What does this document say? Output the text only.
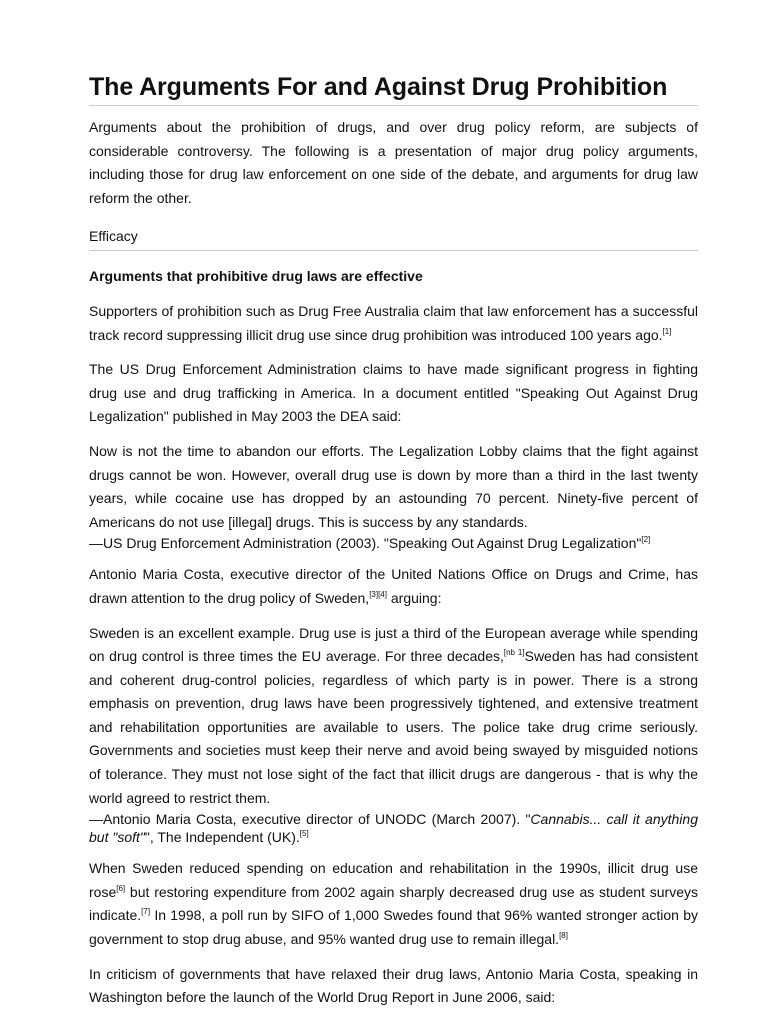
The Arguments For and Against Drug Prohibition

Arguments about the prohibition of drugs, and over drug policy reform, are subjects of considerable controversy. The following is a presentation of major drug policy arguments, including those for drug law enforcement on one side of the debate, and arguments for drug law reform the other.

Efficacy

Arguments that prohibitive drug laws are effective

Supporters of prohibition such as Drug Free Australia claim that law enforcement has a successful track record suppressing illicit drug use since drug prohibition was introduced 100 years ago.[1]

The US Drug Enforcement Administration claims to have made significant progress in fighting drug use and drug trafficking in America. In a document entitled "Speaking Out Against Drug Legalization" published in May 2003 the DEA said:

Now is not the time to abandon our efforts. The Legalization Lobby claims that the fight against drugs cannot be won. However, overall drug use is down by more than a third in the last twenty years, while cocaine use has dropped by an astounding 70 percent. Ninety-five percent of Americans do not use [illegal] drugs. This is success by any standards.

—US Drug Enforcement Administration (2003). "Speaking Out Against Drug Legalization"[2]

Antonio Maria Costa, executive director of the United Nations Office on Drugs and Crime, has drawn attention to the drug policy of Sweden,[3][4] arguing:

Sweden is an excellent example. Drug use is just a third of the European average while spending on drug control is three times the EU average. For three decades,[nb 1]Sweden has had consistent and coherent drug-control policies, regardless of which party is in power. There is a strong emphasis on prevention, drug laws have been progressively tightened, and extensive treatment and rehabilitation opportunities are available to users. The police take drug crime seriously. Governments and societies must keep their nerve and avoid being swayed by misguided notions of tolerance. They must not lose sight of the fact that illicit drugs are dangerous - that is why the world agreed to restrict them.

—Antonio Maria Costa, executive director of UNODC (March 2007). "Cannabis... call it anything but "soft"", The Independent (UK).[5]

When Sweden reduced spending on education and rehabilitation in the 1990s, illicit drug use rose[6] but restoring expenditure from 2002 again sharply decreased drug use as student surveys indicate.[7] In 1998, a poll run by SIFO of 1,000 Swedes found that 96% wanted stronger action by government to stop drug abuse, and 95% wanted drug use to remain illegal.[8]

In criticism of governments that have relaxed their drug laws, Antonio Maria Costa, speaking in Washington before the launch of the World Drug Report in June 2006, said:
